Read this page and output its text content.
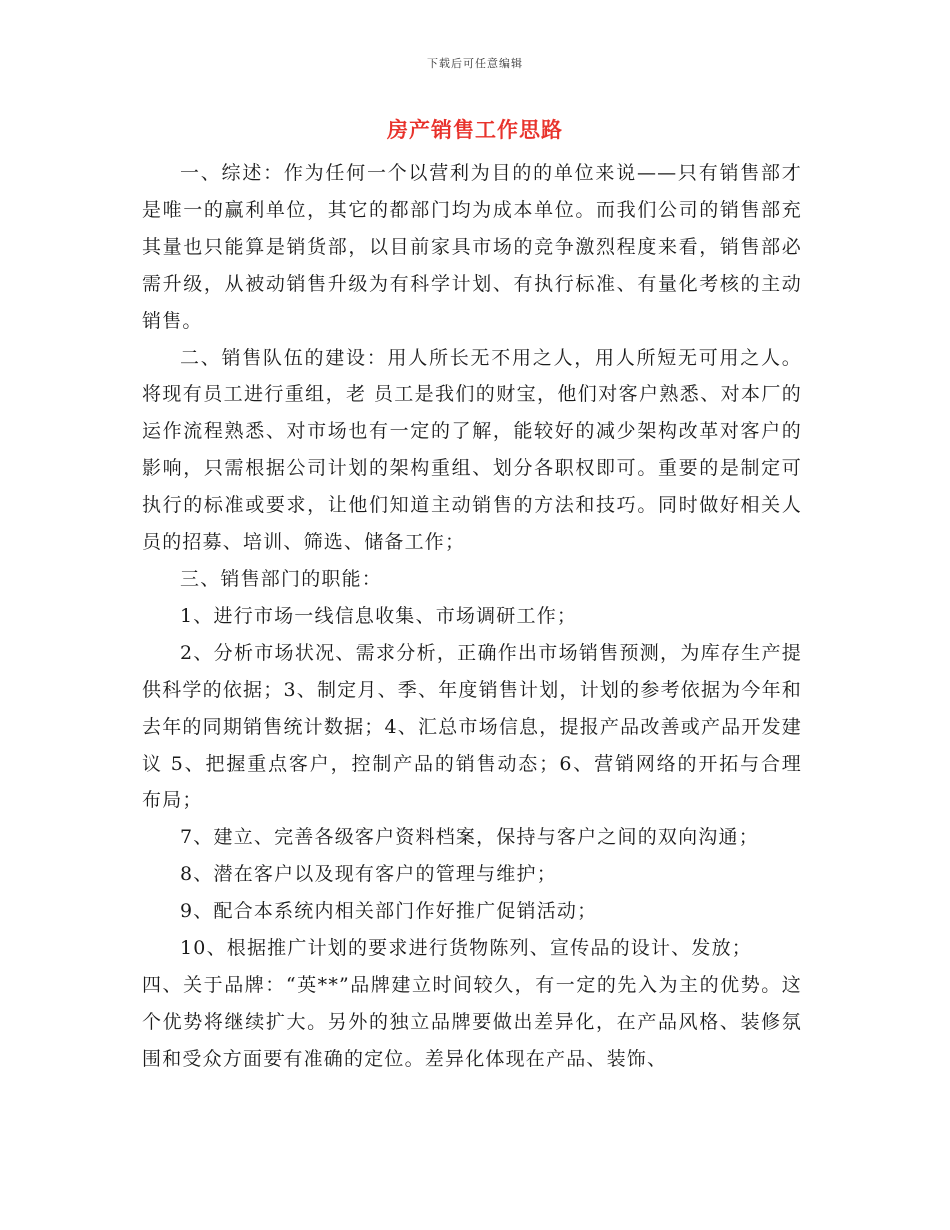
下载后可任意编辑
房产销售工作思路

一、综述：作为任何一个以营利为目的的单位来说——只有销售部才是唯一的赢利单位，其它的都部门均为成本单位。而我们公司的销售部充其量也只能算是销货部，以目前家具市场的竞争激烈程度来看，销售部必需升级，从被动销售升级为有科学计划、有执行标准、有量化考核的主动销售。

二、销售队伍的建设：用人所长无不用之人，用人所短无可用之人。将现有员工进行重组，老 员工是我们的财宝，他们对客户熟悉、对本厂的运作流程熟悉、对市场也有一定的了解，能较好的减少架构改革对客户的影响，只需根据公司计划的架构重组、划分各职权即可。重要的是制定可执行的标准或要求，让他们知道主动销售的方法和技巧。同时做好相关人员的招募、培训、筛选、储备工作；

三、销售部门的职能：

1、进行市场一线信息收集、市场调研工作；

2、分析市场状况、需求分析，正确作出市场销售预测，为库存生产提供科学的依据；3、制定月、季、年度销售计划，计划的参考依据为今年和去年的同期销售统计数据；4、汇总市场信息，提报产品改善或产品开发建议 5、把握重点客户，控制产品的销售动态；6、营销网络的开拓与合理布局；

7、建立、完善各级客户资料档案，保持与客户之间的双向沟通；

8、潜在客户以及现有客户的管理与维护；

9、配合本系统内相关部门作好推广促销活动；

10、根据推广计划的要求进行货物陈列、宣传品的设计、发放；

四、关于品牌：“英**”品牌建立时间较久，有一定的先入为主的优势。这个优势将继续扩大。另外的独立品牌要做出差异化，在产品风格、装修氛围和受众方面要有准确的定位。差异化体现在产品、装饰、
